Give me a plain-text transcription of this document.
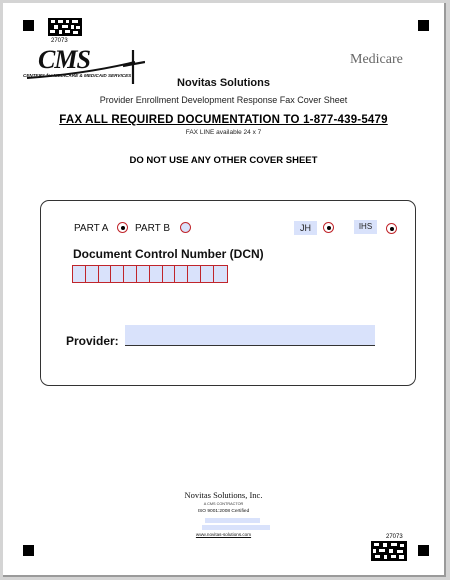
27073
CMS
CENTERS for MEDICARE & MEDICAID SERVICES
Medicare
Novitas Solutions
Provider Enrollment Development Response Fax Cover Sheet
FAX ALL REQUIRED DOCUMENTATION TO 1-877-439-5479
FAX LINE available 24 x 7
DO NOT USE ANY OTHER COVER SHEET
PART A	PART B	JH	IHS
Document Control Number (DCN)
Provider:
Novitas Solutions, Inc.
A CMS CONTRACTOR
ISO 9001:2008 Certified
www.novitas-solutions.com	27073
